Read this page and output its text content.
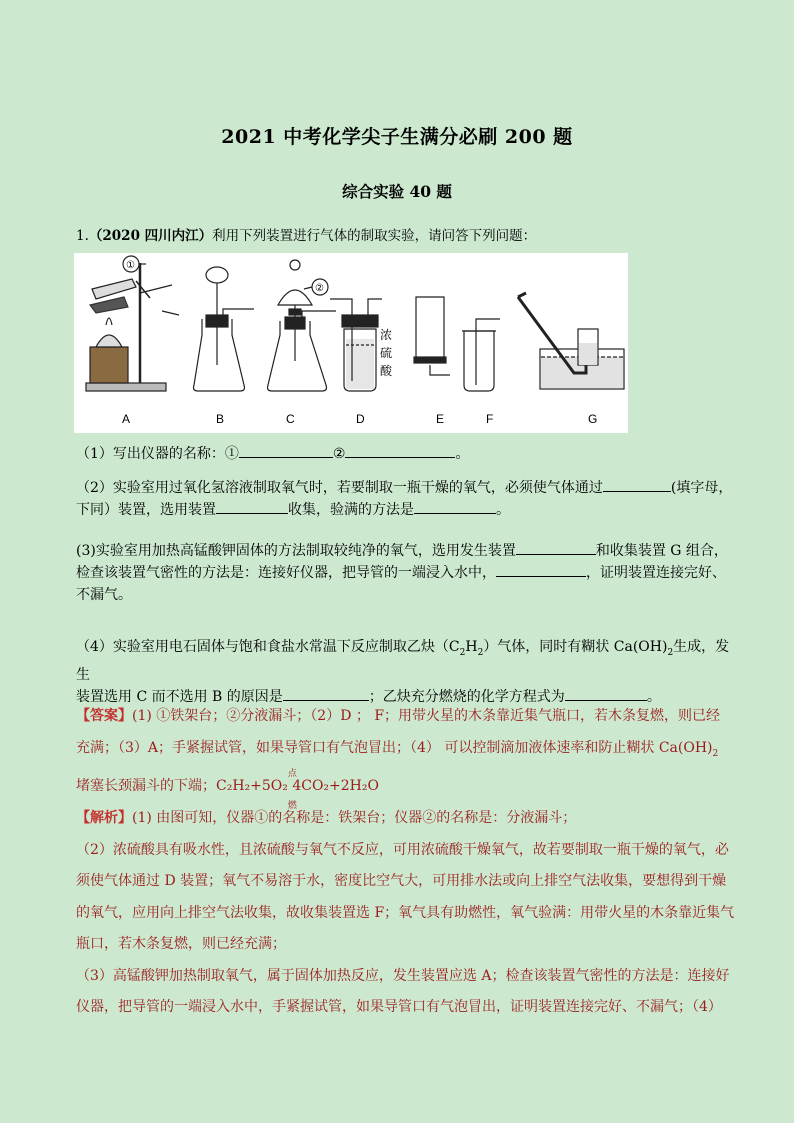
2021 中考化学尖子生满分必刷 200 题
综合实验 40 题
1.（2020 四川内江）利用下列装置进行气体的制取实验，请问答下列问题：
①
②
浓
硫
酸
A	B	C	D	E	F	G
（1）写出仪器的名称：①	②	。
（2）实验室用过氧化氢溶液制取氧气时，若要制取一瓶干燥的氧气，必须使气体通过	(填字母，
下同）装置，选用装置	收集，验满的方法是	。
(3)实验室用加热高锰酸钾固体的方法制取较纯净的氧气，选用发生装置	和收集装置 G 组合，
检查该装置气密性的方法是：连接好仪器，把导管的一端浸入水中，	，证明装置连接完好、
不漏气。
（4）实验室用电石固体与饱和食盐水常温下反应制取乙炔$(C_2H_2)$气体，同时有糊状 $Ca(OH)_2$生成，发生
装置选用 C 而不选用 B 的原因是	；乙炔充分燃烧的化学方程式为	。
【答案】(1) ①铁架台；②分液漏斗；（2）D ； F；用带火星的木条靠近集气瓶口，若木条复燃，则已经
充满；（3）A；手紧握试管，如果导管口有气泡冒出；（4） 可以控制滴加液体速率和防止糊状 $Ca(OH)_2$
堵塞长颈漏斗的下端；C₂H₂+5O₂
点燃
4CO₂+2H₂O
【解析】(1) 由图可知，仪器①的名称是：铁架台；仪器②的名称是：分液漏斗；
（2）浓硫酸具有吸水性，且浓硫酸与氧气不反应，可用浓硫酸干燥氧气，故若要制取一瓶干燥的氧气，必
须使气体通过 D 装置；氧气不易溶于水，密度比空气大，可用排水法或向上排空气法收集，要想得到干燥
的氧气，应用向上排空气法收集，故收集装置选 F；氧气具有助燃性，氧气验满：用带火星的木条靠近集气
瓶口，若木条复燃，则已经充满；
（3）高锰酸钾加热制取氧气，属于固体加热反应，发生装置应选 A；检查该装置气密性的方法是：连接好
仪器，把导管的一端浸入水中，手紧握试管，如果导管口有气泡冒出，证明装置连接完好、不漏气；（4）
